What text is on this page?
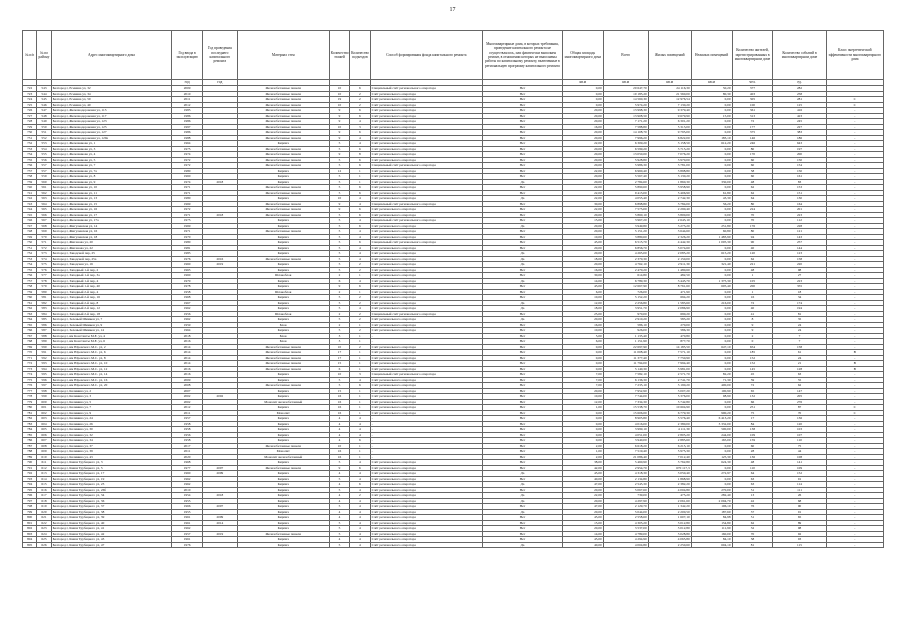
17
№ п/п	№ по району	Адрес многоквартирного дома	Год ввода в эксплуатацию	Год проведения последнего капитального ремонта	Материал стен	Количество этажей	Количество подъездов	Способ формирования фонда капитального ремонта	Многоквартирные дома, в которых требования, проведение капитального ремонта не осуществлялось, или фактически выполнен ремонт, в отношении которых не выполнены работы по капитальному ремонту, включенные в региональную программу капитального ремонта	Общая площадь многоквартирного дома	Всего	Жилых помещений	Нежилых помещений	Количество жителей, зарегистрированных в многоквартирном доме	Количество событий в многоквартирном доме	Класс энергетической эффективности многоквартирного дома
			год	год						кв.м	кв.м	кв.м	кв.м	чел.	ед.	
722	543	Белгород г, Есенина ул, 32	2009		Железобетонные панели	10	6	Специальный счёт регионального оператора	Нет	0,00	20 647,70	24 116,30	50,20	377	282	
723	544	Белгород г, Есенина ул, 34	2010		Железобетонные панели	10	2	Счёт регионального оператора	Нет	0,00	10 185,20	21 560,00	80,30	403	258	
724	545	Белгород г, Есенина ул, 50	2011		Железобетонные панели	19	2	Счёт регионального оператора	Нет	0,00	14 560,30	12 976,54	0,00	305	281	С
725	546	Белгород г, Есенина ул, 40	2012		Железобетонные панели	10	2	Счёт регионального оператора	Нет	0,00	5 974,20	7 130,20	0,00	100	125	С
726	547	Белгород г, Железнодорожная ул, 113	1985		Железобетонные панели	9	6	Счёт регионального оператора	Нет	20,00	13 998,30	9 379,40	0,00	361	416	-
727	548	Белгород г, Железнодорожная ул, 117	1986		Железобетонные панели	9	6	Счёт регионального оператора	Нет	20,00	13 908,50	9 679,90	15,00	313	423	-
728	549	Белгород г, Железнодорожная ул, 123	1986		Железобетонные панели	9	4	Счёт регионального оператора	Нет	20,00	7 171,20	6 301,20	0,00	72	245	-
729	550	Белгород г, Железнодорожная ул, 125	1997		Железобетонные панели	10	3	Счёт регионального оператора	Нет	16,00	7 588,80	5 313,00	0,00	177	227	-
730	551	Белгород г, Железнодорожная ул, 127	1986		Железобетонные панели	9	6	Счёт регионального оператора	Нет	20,00	14 108,70	9 795,00	0,00	375	383	-
731	552	Белгород г, Железнодорожная ул, 129а	1988		Железобетонные панели	9	4	Счёт регионального оператора	Нет	20,00	7 996,20	6 822,00	183,10	146	186	-
732	553	Белгород г, Железнякова ул, 1	1964		Кирпич	5	4	Счёт регионального оператора	Нет	22,00	6 309,20	3 158,50	612,20	246	643	-
733	554	Белгород г, Железнякова ул, 3	1975		Железобетонные панели	5	6	Счёт регионального оператора	Нет	20,00	6 599,20	3 715,20	0,00	80	197	-
734	555	Белгород г, Железнякова ул, 4	1974		Железобетонные панели	9	8	Счёт регионального оператора	Нет	20,00	13 050,00	7 076,20	0,00	170	200	-
735	556	Белгород г, Железнякова ул, 5	1972		Железобетонные панели	5	6	Счёт регионального оператора	Нет	20,00	5 928,80	3 970,00	0,00	60	150	-
736	557	Белгород г, Железнякова ул, 7	1972		Железобетонные панели	5	6	Специальный счёт регионального оператора	Нет	20,00	5 986,30	3 781,00	0,00	60	154	-
737	557	Белгород г, Железнякова ул, 7а	1980		Кирпич	12	1	Счёт регионального оператора	Нет	22,00	6 960,40	3 898,80	0,00	58	150	-
738	559	Белгород г, Железнякова ул, 8	1960		Кирпич	5	1	Счёт регионального оператора	Нет	20,00	5 567,40	3 130,20	0,00	60	161	-
739	560	Белгород г, Железнякова ул, 9	1974	2018	Кирпич	5	1	Счёт регионального оператора	Да	20,00	2 784,60	1 860,30	330,00	48	83	-
740	561	Белгород г, Железнякова ул, 10	1971		Железобетонные панели	5	6	Счёт регионального оператора	Нет	22,00	5 890,60	3 958,90	0,00	62	153	-
741	562	Белгород г, Железнякова ул, 11	1971		Железобетонные панели	5	6	Счёт регионального оператора	Нет	22,00	9 413,00	5 406,90	61,80	62	151	-
742	563	Белгород г, Железнякова ул, 13	1980		Кирпич	10	4	Счёт регионального оператора	Да	22,00	4 055,40	2 742,30	43,30	64	130	-
743	564	Белгород г, Железнякова ул, 15	1969		Железобетонные панели	9	4	Специальный счёт регионального оператора	Нет	30,00	6 898,80	3 784,00	56,20	80	164	-
744	565	Белгород г, Железнякова ул, 16	1972		Железобетонные панели	9	6	Счёт регионального оператора	Нет	22,00	7 575,00	2 290,40	0,00	224	201	-
745	566	Белгород г, Железнякова ул, 17	1971	2018	Железобетонные панели	5	6	Счёт регионального оператора	Нет	20,00	5 860,10	3 800,00	0,00	70	223	-
746	567	Белгород г, Железнякова ул, 17а	1975		Кирпич	5	4	Специальный счёт регионального оператора	Нет	15,00	3 967,20	2 643,10	0,00	70	112	-
747	568	Белгород г, Жигулевская ул, 14	1969		Кирпич	5	6	Счёт регионального оператора	Да	20,00	3 949,80	3 273,20	251,80	176	228	-
748	569	Белгород г, Жигулевская ул, 16	1971		Железобетонные панели	5	4	Счёт регионального оператора	Нет	20,00	5 151,20	3 644,60	60,80	80	121	-
749	570	Белгород г, Жигулевская ул, 18	1970		Кирпич	5	4	Счёт регионального оператора	Нет	10,00	3 880,60	2 326,20	1 483,90	94	143	-
750	571	Белгород г, Жиганова ул, 20	1980		Кирпич	5	6	Специальный счёт регионального оператора	Нет	45,00	6 515,70	4 442,30	1 005,30	90	257	-
751	572	Белгород г, Жиганова ул, 22	1981		Кирпич	5	4	Счёт регионального оператора	Нет	20,00	6 856,70	3 074,60	0,00	40	144	-
752	573	Белгород г, Заводской пер, 25	1983		Кирпич	5	4	Счёт регионального оператора	Да	20,00	4 265,00	2 085,20	615,20	120	123	-
753	574	Белгород г, Заводской пер, 25а	1976	2016	Железобетонные панели	5	4	Счёт регионального оператора	Да	18,00	2 370,30	2 150,00	0,00	62	158	-
754	575	Белгород г, Заводская ул, 16	1960	2019	Кирпич	5	2	Счёт регионального оператора	Да	20,00	4 762,10	2 911,30	321,40	221	220	-
755	576	Белгород г, Западный 1-й пер, 2	1963		Кирпич	5	2	Счёт регионального оператора	Нет	16,00	2 470,20	1 480,60	0,00	48	98	-
756	577	Белгород г, Западный 1-й пер, 3а	1960		Шлакоблок	2	1	Счёт регионального оператора	Нет	30,00	614,80	482,50	0,00	1	27	-
757	578	Белгород г, Западный 1-й пер, 4	1970		Кирпич	6	4	Счёт регионального оператора	Да	14,00	6 789,30	3 445,70	1 375,30	105	223	-
758	579	Белгород г, Западный 1-й пер, 40	1978		Кирпич	9	6	Счёт регионального оператора	Нет	43,00	12 667,90	8 761,60	605,40	200	355	-
759	580	Белгород г, Западный 2-й пер, 4	1958		Шлакоблок	2	1	Счёт регионального оператора	Нет	6,00	726,00	471,90	0,00	1	18	-
760	581	Белгород г, Западный 2-й пер, 16	1968		Кирпич	5	2	Счёт регионального оператора	Нет	10,00	5 152,20	694,20	0,00	16	34	-
761	582	Белгород г, Западный 2-й пер, 8	1967		Кирпич	5	2	Счёт регионального оператора	Да	12,00	2 256,80	1 583,60	216,00	72	174	-
762	583	Белгород г, Западный 2-й пер, 12	1962		Кирпич	5	4	Счёт регионального оператора	Да	18,00	3 951,70	2 086,90	0,00	40	194	-
763	584	Белгород г, Западный 2-й пер, 18	1956		Шлакоблок	2	2	Специальный счёт регионального оператора	Нет	25,00	970,00	690,20	0,00	41	81	-
764	585	Белгород г, Зеленый Шимкен ул, 7	1962		Кирпич	5	2	Счёт регионального оператора	Да	20,00	2 910,20	583,20	0,00	8	35	-
765	586	Белгород г, Зеленый Шимкен ул, 9	1959		Блок	2	1	Счёт регионального оператора	Нет	16,00	586,10	270,00	0,00	9	24	-
766	587	Белгород г, Зеленый Шимкен ул, 14	1964		Кирпич	5	2	Счёт регионального оператора	Нет	10,00	926,00	586,30	0,00	9	24	-
767	588	Белгород г, им Константы М.Е. ул, 4	2018		Блок	3	1	-	Нет	5,00	1 135,40	470,80	0,00	2	7	-
768	589	Белгород г, им Константы М.Е. ул, 6	2016		Блок	3	1	-	Нет	6,00	1 151,90	877,70	0,00	0	7	-
769	590	Белгород г, им Юровского М.С. ул, 2	2014		Железобетонные панели	10	2	Счёт регионального оператора	Нет	0,00	22 697,90	14 185,50	647,10	654	158	-
770	591	Белгород г, им Юровского М.С. ул, 6	2014		Железобетонные панели	17	1	Счёт регионального оператора	Нет	0,00	11 008,40	7 571,10	0,00	185	61	В
771	592	Белгород г, им Юровского М.С. ул, 8	2014		Железобетонные панели	17	1	Счёт регионального оператора	Нет	0,00	11 377,40	7 750,90	0,00	152	24	-
772	593	Белгород г, им Юровского М.С. ул, 10	2014		Железобетонные панели	15	1	Счёт регионального оператора	Нет	0,00	11 794,00	7 994,40	0,00	152	21	В
773	594	Белгород г, им Юровского М.С. ул, 12	2016		Железобетонные панели	6	1	Счёт регионального оператора	Нет	0,00	5 140,30	3 981,00	0,00	145	128	В
774	595	Белгород г, им Юровского М.С. ул, 14	2016		Кирпич	10	3	Специальный счёт регионального оператора	Нет	7,00	7 582,10	2 571,70	82,20	45	63	-
775	596	Белгород г, им Юровского М.С. ул, 16	2009		Кирпич	5	4	Счёт регионального оператора	Нет	7,00	6 136,30	2 741,70	71,30	59	55	-
776	597	Белгород г, им Юровского М.С. ул, 20	2008		Железобетонные панели	5	6	Счёт регионального оператора	Нет	7,00	7 235,10	3 190,20	400,00	72	62	-
777	598	Белгород г, Калинина ул, 2	2007		Кирпич	15	1	Счёт регионального оператора	Нет	20,00	7 952,90	3 007,20	100,90	65	147	-
778	599	Белгород г, Калинина ул, 3	2002	2002	Кирпич	16	1	Счёт регионального оператора	Нет	10,00	7 744,00	5 376,00	98,90	132	205	-
779	600	Белгород г, Калинина ул, 5	2002		Монолит железобетонный	16	1	Счёт регионального оператора	Нет	12,00	7 334,30	5 742,80	0,00	66	276	-
780	601	Белгород г, Калинина ул, 7	2012		Кирпич	16	1	Счёт регионального оператора	Нет	1,00	15 538,70	10 604,90	0,00	251	87	С
781	602	Белгород г, Калинина ул, 9	2011		Монолит	16	1	Счёт регионального оператора	Нет	0,00	15 606,00	6 779,30	990,20	75	70	С
782	603	Белгород г, Калинина ул, 24	1957		Кирпич	4	4	-	Нет	0,00	8 905,80	3 576,40	6 413,20	17	136	-
783	604	Белгород г, Калинина ул, 26	1958		Кирпич	4	4	-	Нет	0,00	4 016,00	2 380,00	3 332,00	84	120	-
784	605	Белгород г, Калинина ул, 30	1958		Кирпич	4	4	-	Нет	0,00	3 999,10	4 111,30	500,00	138	103	-
785	606	Белгород г, Калинина ул, 32	1956		Кирпич	4	4	-	Нет	0,00	4 051,00	2 805,20	244,00	109	107	-
786	607	Белгород г, Калинина ул, 34	1958		Кирпич	4	6	-	Нет	0,00	3 940,00	2 885,60	165,00	159	110	-
787	608	Белгород г, Калинина ул, 37	2017		Железобетонные панели	10	1	-	Нет	2,00	6 618,20	6 215,10	0,00	60	75	-
788	609	Белгород г, Калинина ул, 39	2011		Монолит	16	1	-	Нет	1,00	7 519,40	5 975,30	0,00	28	44	-
789	610	Белгород г, Калинина ул, 43	2020		Монолит железобетонный	16	1	-	Нет	2,00	21 086,40	7 012,40	125,30	136	108	-
790	611	Белгород г, Князя Трубецкого ул, 3	1968		Кирпич	5	4	Счёт регионального оператора	Нет	38,00	5 460,90	3 762,80	624,30	48	141	-
791	612	Белгород г, Князя Трубецкого ул, 5	1977	2007	Железобетонные панели	9	6	Счёт регионального оператора	Нет	42,00	2 954,70	670 117,3	0,00	110	109	-
792	613	Белгород г, Князя Трубецкого ул, 17	1960	2009	Кирпич	4	4	Счёт регионального оператора	Да	45,00	4 318,30	3 050,40	272,97	64	152	-
793	614	Белгород г, Князя Трубецкого ул, 19	1962		Кирпич	5	4	Счёт регионального оператора	Нет	40,00	2 134,80	1 868,90	0,00	63	91	-
794	615	Белгород г, Князя Трубецкого ул, 23	1962		Кирпич	4	6	Счёт регионального оператора	Да	47,00	2 545,30	2 382,20	0,00	63	114	-
795	616	Белгород г, Князя Трубецкого ул, 26б	2010		Кирпич	5	4	Счёт регионального оператора	Нет	20,00	5 067,60	4 004,80	270,00	51	111	-
796	617	Белгород г, Князя Трубецкого ул, 34	1954	2018	Кирпич	4	2	Счёт регионального оператора	Да	22,00	739,00	475,20	282,40	13	26	-
797	618	Белгород г, Князя Трубецкого ул, 36	1955		Кирпич	4	4	Счёт регионального оператора	Да	20,00	4 297,90	2 061,60	2 094,70	42	68	-
798	619	Белгород г, Князя Трубецкого ул, 37	1966	2007	Кирпич	5	4	Счёт регионального оператора	Нет	47,00	2 129,70	1 342,20	196,10	76	90	-
799	620	Белгород г, Князя Трубецкого ул, 38	1955		Кирпич	4	4	Счёт регионального оператора	Да	20,00	5 044,00	2 200,50	187,60	37	91	-
800	621	Белгород г, Князя Трубецкого ул, 39	1961	2009	Кирпич	4	4	Счёт регионального оператора	Нет	45,00	2 558,60	1 607,10	84,98	51	65	-
801	622	Белгород г, Князя Трубецкого ул, 40	1961	2014	Кирпич	5	4	Счёт регионального оператора	Нет	15,00	4 305,20	3 012,80	154,80	62	89	-
802	623	Белгород г, Князя Трубецкого ул, 41	1962		Кирпич	5	4	Счёт регионального оператора	Нет	20,00	3 537,00	3 012,80	111,90	32	98	-
803	624	Белгород г, Князя Трубецкого ул, 42	1957	2019	Железобетонные панели	5	4	Счёт регионального оператора	Нет	14,00	4 789,00	3 028,80	160,00	70	92	-
804	625	Белгород г, Князя Трубецкого ул, 43	1961		Кирпич	4	4	Счёт регионального оператора	Нет	45,00	4 294,90	4 065,80	84,10	58	93	-
805	626	Белгород г, Князя Трубецкого ул, 47	1976		Кирпич	5	4	Счёт регионального оператора	Да	40,00	4 004,80	2 250,60	604,10	81	115	-
